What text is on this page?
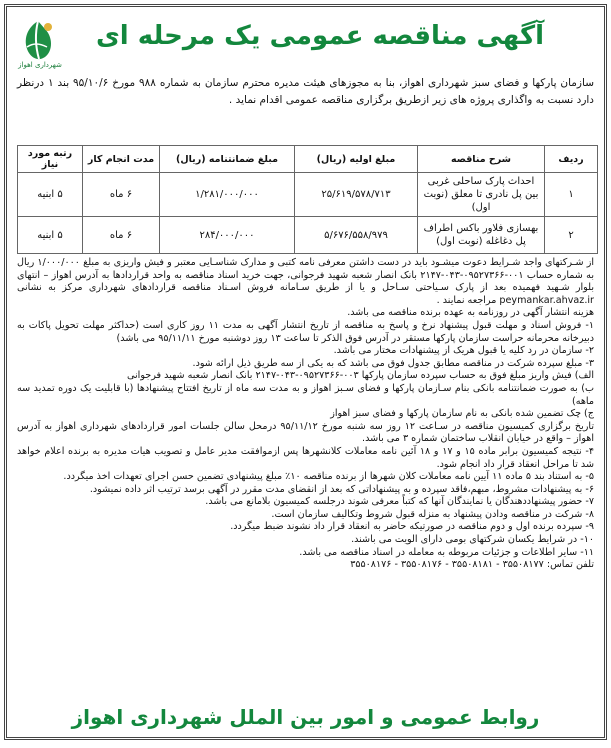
شهرداری اهواز
آگهی مناقصه عمومی یک مرحله ای
سازمان پارکها و فضای سبز شهرداری اهواز، بنا به مجوزهای هیئت مدیره محترم سازمان به شماره ۹۸۸ مورخ ۹۵/۱۰/۶ بند ۱ درنظر دارد نسبت به واگذاری پروژه های زیر ازطریق برگزاری مناقصه عمومی اقدام نماید .
ردیف	شرح مناقصه	مبلغ اولیه (ریال)	مبلغ ضمانتنامه (ریال)	مدت انجام کار	رتبه مورد نیاز
۱	احداث پارک ساحلی غربی بین پل نادری تا معلق (نوبت اول)	۲۵/۶۱۹/۵۷۸/۷۱۳	۱/۲۸۱/۰۰۰/۰۰۰	۶ ماه	۵ ابنیه
۲	بهسازی فلاور باکس اطراف پل دغاغله (نوبت اول)	۵/۶۷۶/۵۵۸/۹۷۹	۲۸۴/۰۰۰/۰۰۰	۶ ماه	۵ ابنیه

از شـرکتهای واجد شـرایط دعوت میشـود باید در دست داشتن معرفی نامه کتبی و مدارک شناسـایی معتبر و فیش واریزی به مبلغ ۱/۰۰۰/۰۰۰ ریال به شماره حساب ۰۰۱-۰۹۵۲۷۳۶۶-۰۴۳-۲۱۴۷ بانک انصار شعبه شهید فرجوانی، جهت خرید اسناد مناقصه به واحد قراردادها به آدرس اهواز – انتهای بلوار شـهید فهمیده بعد از پارک سـیاحتی سـاحل و یا از طریق سـامانه فروش اسـناد مناقصه قراردادهای شهرداری مرکز به نشانی peymankar.ahvaz.ir مراجعه نمایند .

هزینه انتشار آگهی در روزنامه به عهده برنده مناقصه می باشد.

۱- فروش اسناد و مهلت قبول پیشنهاد نرخ و پاسخ به مناقصه از تاریخ انتشار آگهی به مدت ۱۱ روز کاری است (حداکثر مهلت تحویل پاکات به دبیرخانه محرمانه حراست سازمان پارکها مستقر در آدرس فوق الذکر تا ساعت ۱۳ روز دوشنبه مورخ ۹۵/۱۱/۱۱ می باشد)

۲- سازمان در رد کلیه یا قبول هریک از پیشنهادات مختار می باشد.

۳- مبلغ سپرده شرکت در مناقصه مطابق جدول فوق می باشد که به یکی از سه طریق ذیل ارائه شود.

الف) فیش واریز مبلغ فوق به حساب سپرده سازمان پارکها ۰۰۳-۰۹۵۲۷۳۶۶-۰۴۳-۲۱۴۷ بانک انصار شعبه شهید فرجوانی

ب) به صورت ضمانتنامه بانکی بنام سـازمان پارکها و فضای سـبز اهواز و به مدت سه ماه از تاریخ افتتاح پیشنهادها (با قابلیت یک دوره تمدید سه ماهه)

ج) چک تضمین شده بانکی به نام سازمان پارکها و فضای سبز اهواز

تاریخ برگزاری کمیسیون مناقصه در سـاعت ۱۲ روز سه شنبه مورخ ۹۵/۱۱/۱۲ درمحل سالن جلسات امور قراردادهای شهرداری اهواز به آدرس اهواز – واقع در خیابان انقلاب ساختمان شماره ۳ می باشد.

۴- نتیجه کمیسیون برابر ماده ۱۵ و ۱۷ و ۱۸ آئین نامه معاملات کلانشهرها پس ازموافقت مدیر عامل و تصویب هیات مدیره به برنده اعلام خواهد شد تا مراحل انعقاد قرار داد انجام شود.

۵- به استناد بند ۵ ماده ۱۱ آیین نامه معاملات کلان شهرها از برنده مناقصه ۱۰٪ مبلغ پیشنهادی تضمین حسن اجرای تعهدات اخذ میگردد.

۶- به پیشنهادات مشروط، مبهم،فاقد سپرده و به پیشنهاداتی که بعد از انقضای مدت مقرر در آگهی برسد ترتیب اثر داده نمیشود.

۷- حضور پیشنهاددهندگان یا نمایندگان آنها که کتباً معرفی شوند درجلسه کمیسیون بلامانع می باشد.

۸- شرکت در مناقصه ودادن پیشنهاد به منزله قبول شروط وتکالیف سازمان است.

۹- سپرده برنده اول و دوم مناقصه در صورتیکه حاضر به انعقاد قرار داد نشوند ضبط میگردد.

۱۰- در شرایط یکسان شرکتهای بومی دارای الویت می باشند.

۱۱- سایر اطلاعات و جزئیات مربوطه به معامله در اسناد مناقصه می باشد.

تلفن تماس: ۳۵۵۰۸۱۷۷ - ۳۵۵۰۸۱۸۱ - ۳۵۵۰۸۱۷۶ - ۳۵۵۰۸۱۷۶

روابط عمومی و امور بین الملل شهرداری اهواز
